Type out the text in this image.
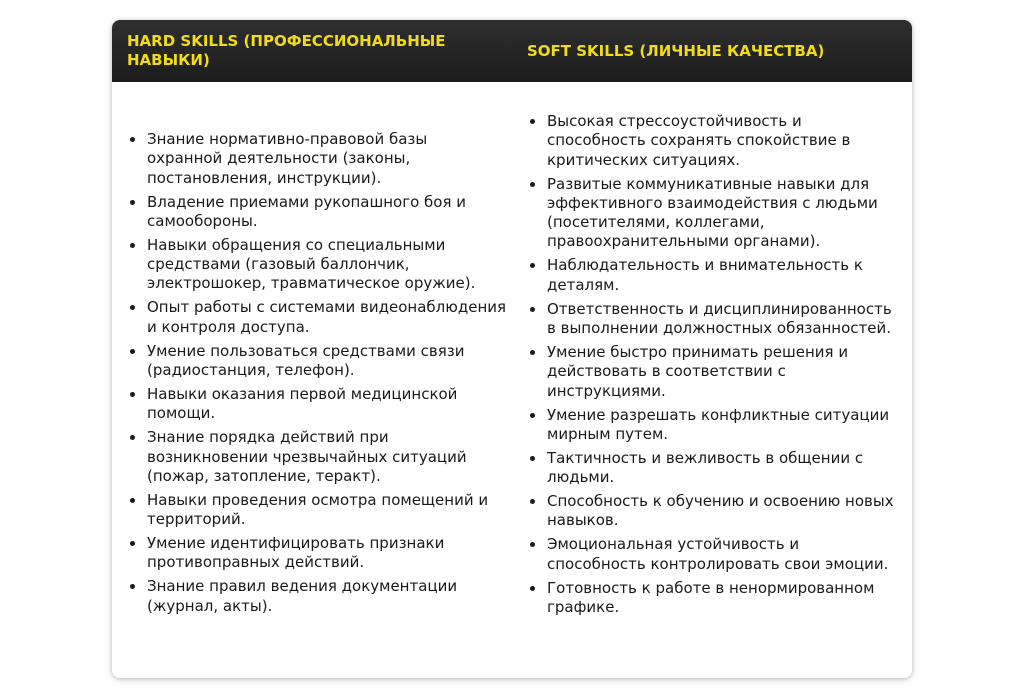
HARD SKILLS (ПРОФЕССИОНАЛЬНЫЕ НАВЫКИ)
SOFT SKILLS (ЛИЧНЫЕ КАЧЕСТВА)
Знание нормативно-правовой базы охранной деятельности (законы, постановления, инструкции).
Владение приемами рукопашного боя и самообороны.
Навыки обращения со специальными средствами (газовый баллончик, электрошокер, травматическое оружие).
Опыт работы с системами видеонаблюдения и контроля доступа.
Умение пользоваться средствами связи (радиостанция, телефон).
Навыки оказания первой медицинской помощи.
Знание порядка действий при возникновении чрезвычайных ситуаций (пожар, затопление, теракт).
Навыки проведения осмотра помещений и территорий.
Умение идентифицировать признаки противоправных действий.
Знание правил ведения документации (журнал, акты).
Высокая стрессоустойчивость и способность сохранять спокойствие в критических ситуациях.
Развитые коммуникативные навыки для эффективного взаимодействия с людьми (посетителями, коллегами, правоохранительными органами).
Наблюдательность и внимательность к деталям.
Ответственность и дисциплинированность в выполнении должностных обязанностей.
Умение быстро принимать решения и действовать в соответствии с инструкциями.
Умение разрешать конфликтные ситуации мирным путем.
Тактичность и вежливость в общении с людьми.
Способность к обучению и освоению новых навыков.
Эмоциональная устойчивость и способность контролировать свои эмоции.
Готовность к работе в ненормированном графике.
